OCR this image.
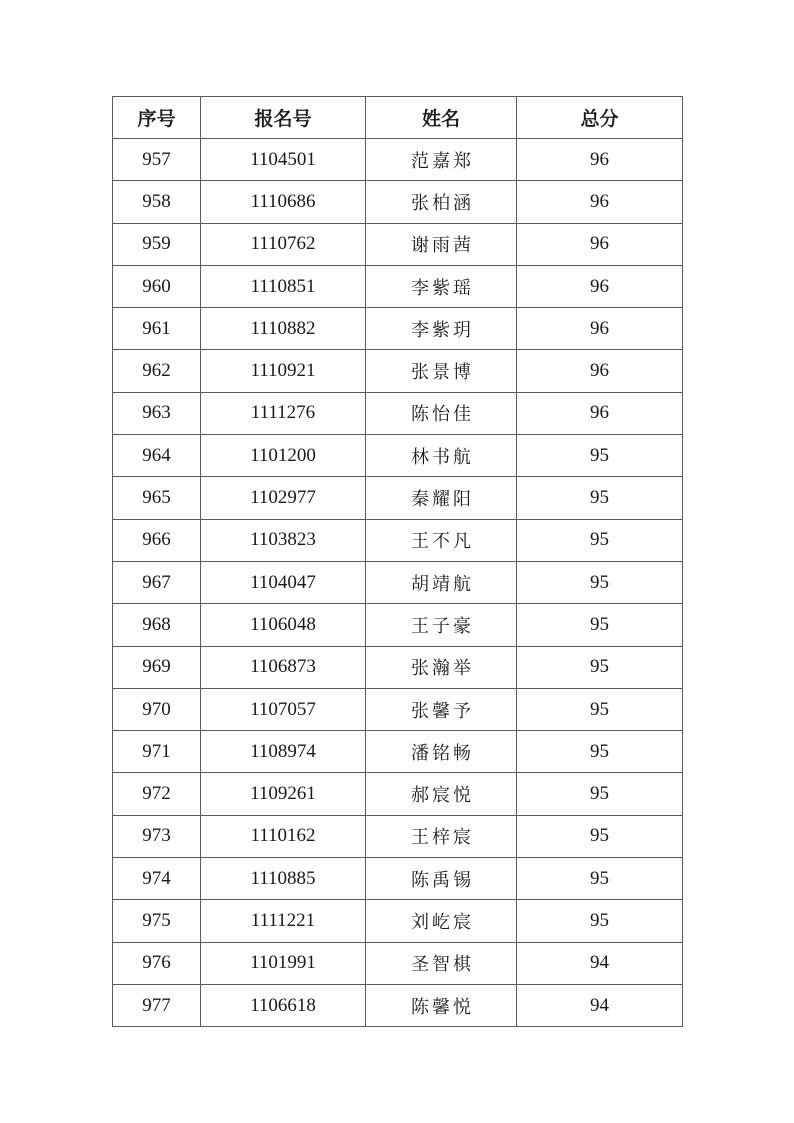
序号	报名号	姓名	总分
957	1104501	范嘉郑	96
958	1110686	张柏涵	96
959	1110762	谢雨茜	96
960	1110851	李紫瑶	96
961	1110882	李紫玥	96
962	1110921	张景博	96
963	1111276	陈怡佳	96
964	1101200	林书航	95
965	1102977	秦耀阳	95
966	1103823	王不凡	95
967	1104047	胡靖航	95
968	1106048	王子豪	95
969	1106873	张瀚举	95
970	1107057	张馨予	95
971	1108974	潘铭畅	95
972	1109261	郝宸悦	95
973	1110162	王梓宸	95
974	1110885	陈禹锡	95
975	1111221	刘屹宸	95
976	1101991	圣智棋	94
977	1106618	陈馨悦	94
